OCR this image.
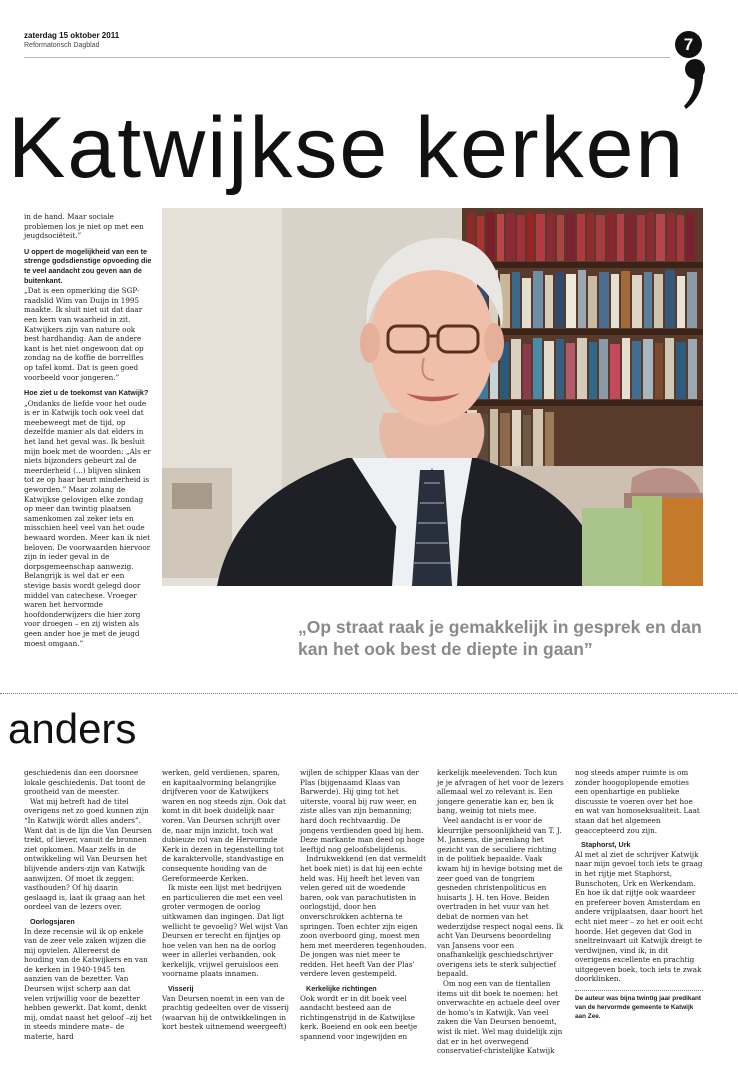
zaterdag 15 oktober 2011
Reformatorisch Dagblad	7
Katwijkse kerken

in de hand. Maar sociale problemen los je niet op met een jeugdsociëteit.”

U oppert de mogelijkheid van een te strenge godsdienstige opvoeding die te veel aandacht zou geven aan de buitenkant.

„Dat is een opmerking die SGP-raadslid Wim van Duijn in 1995 maakte. Ik sluit niet uit dat daar een kern van waarheid in zit. Katwijkers zijn van nature ook best hardhandig. Aan de andere kant is het niet ongewoon dat op zondag na de koffie de borrelfles op tafel komt. Dat is geen goed voorbeeld voor jongeren.”

Hoe ziet u de toekomst van Katwijk?

„Ondanks de liefde voor het oude is er in Katwijk toch ook veel dat meebeweegt met de tijd, op dezelfde manier als dat elders in het land het geval was. Ik besluit mijn boek met de woorden: „Als er niets bijzonders gebeurt zal de meerderheid (...) blijven slinken tot ze op haar beurt minderheid is geworden.” Maar zolang de Katwijkse gelovigen elke zondag op meer dan twintig plaatsen samenkomen zal zeker iets en misschien heel veel van het oude bewaard worden. Meer kan ik niet beloven. De voorwaarden hiervoor zijn in ieder geval in de dorpsgemeenschap aanwezig. Belangrijk is wel dat er een stevige basis wordt gelegd door middel van catechese. Vroeger waren het hervormde hoofdonderwijzers die hier zorg voor droegen – en zij wisten als geen ander hoe je met de jeugd moest omgaan.”

„Op straat raak je gemakkelijk in gesprek en dan kan het ook best de diepte in gaan”
anders

geschiedenis dan een doorsnee lokale geschiedenis. Dat toont de grootheid van de meester.

Wat mij betreft had de titel overigens net zo goed kunnen zijn “In Katwijk wórdt alles anders”. Want dat is de lijn die Van Deursen trekt, of liever, vanuit de bronnen ziet opkomen. Maar zelfs in de ontwikkeling wil Van Deursen het blijvende anders-zijn van Katwijk aanwijzen. Of moet ik zeggen: vasthouden? Of hij daarin geslaagd is, laat ik graag aan het oordeel van de lezers over.

Oorlogsjaren

In deze recensie wil ik op enkele van de zeer vele zaken wijzen die mij opvielen. Allereerst de houding van de Katwijkers en van de kerken in 1940-1945 ten aanzien van de bezetter. Van Deursen wijst scherp aan dat velen vrijwillig voor de bezetter hebben gewerkt. Dat komt, denkt mij, omdat naast het geloof –zij het in steeds mindere mate– de materie, hard

werken, geld verdienen, sparen, en kapitaalvorming belangrijke drijfveren voor de Katwijkers waren en nog steeds zijn. Ook dat komt in dit boek duidelijk naar voren. Van Deursen schrijft over de, naar mijn inzicht, toch wat dubieuze rol van de Hervormde Kerk in dezen in tegenstelling tot de karaktervolle, standvastige en consequente houding van de Gereformeerde Kerken.

Ik miste een lijst met bedrijven en particulieren die met een veel groter vermogen de oorlog uitkwamen dan ingingen. Dat ligt wellicht te gevoelig? Wel wijst Van Deursen er terecht en fijntjes op hoe velen van hen na de oorlog weer in allerlei verbanden, ook kerkelijk, vrijwel geruisloos een voorname plaats innamen.

Visserij

Van Deursen noemt in een van de prachtig gedeelten over de visserij (waarvan hij de ontwikkelingen in kort bestek uitnemend weergeeft)

wijlen de schipper Klaas van der Plas (bijgenaamd Klaas van Barwerde). Hij ging tot het uiterste, vooral bij ruw weer, en ziste alles van zijn bemanning; hard doch rechtvaardig. De jongens verdienden goed bij hem. Deze markante man deed op hoge leeftijd nog geloofsbelijdenis.

Indrukwekkend (en dat vermeldt het boek niet) is dat hij een echte held was. Hij heeft het leven van velen gered uit de woedende baren, ook van parachutisten in oorlogstijd, door hen onverschrokken achterna te springen. Toen echter zijn eigen zoon overboord ging, moest men hem met meerderen tegenhouden. De jongen was niet meer te redden. Het heeft Van der Plas’ verdere leven gestempeld.

Kerkelijke richtingen

Ook wordt er in dit boek veel aandacht besteed aan de richtingenstrijd in de Katwijkse kerk. Boeiend en ook een beetje spannend voor ingewijden en

kerkelijk meelevenden. Toch kun je je afvragen of het voor de lezers allemaal wel zo relevant is. Een jongere generatie kan er, ben ik bang, weinig tot niets mee.

Veel aandacht is er voor de kleurrijke persoonlijkheid van T. J. M. Jansens, die jarenlang het gezicht van de seculiere richting in de politiek bepaalde. Vaak kwam hij in hevige botsing met de zeer goed van de tongriem gesneden christenpoliticus en huisarts J. H. ten Hove. Beiden overtraden in het vuur van het debat de normen van het wederzijdse respect nogal eens. Ik acht Van Deursens beoordeling van Jansens voor een onafhankelijk geschiedschrijver overigens iets te sterk subjectief bepaald.

Om nog een van de tientallen items uit dit boek te noemen: het onverwachte en actuele deel over de homo’s in Katwijk. Van veel zaken die Van Deursen benoemt, wist ik niet. Wel mag duidelijk zijn dat er in het overwegend conservatief-christelijke Katwijk

nog steeds amper ruimte is om zonder hoogoplopende emoties een openhartige en publieke discussie te voeren over het hoe en wat van homoseksualiteit. Laat staan dat het algemeen geaccepteerd zou zijn.

Staphorst, Urk

Al met al ziet de schrijver Katwijk naar mijn gevoel toch iets te graag in het rijtje met Staphorst, Bunschoten, Urk en Werkendam. En hoe ik dat rijtje ook waardeer en prefereer boven Amsterdam en andere vrijplaatsen, daar hoort het echt niet meer – zo het er ooit echt hoorde. Het gegeven dat God in sneltreinvaart uit Katwijk dreigt te verdwijnen, vind ik, in dit overigens excellente en prachtig uitgegeven boek, toch iets te zwak doorklinken.

De auteur was bijna twintig jaar predikant van de hervormde gemeente te Katwijk aan Zee.
